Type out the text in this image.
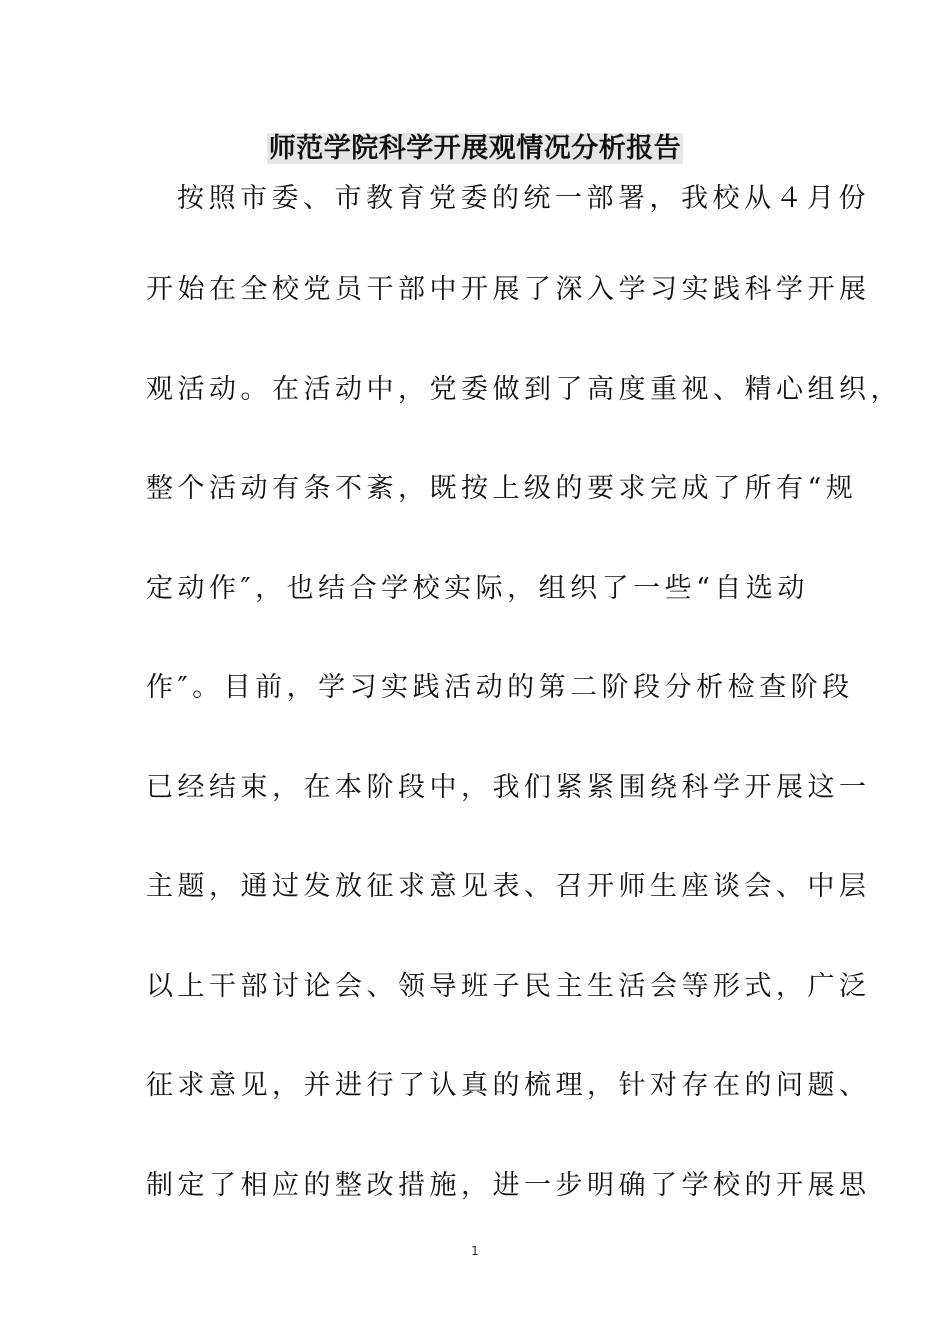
师范学院科学开展观情况分析报告
按照市委、市教育党委的统一部署，我校从４月份
开始在全校党员干部中开展了深入学习实践科学开展
观活动。在活动中，党委做到了高度重视、精心组织，
整个活动有条不紊，既按上级的要求完成了所有“规
定动作″，也结合学校实际，组织了一些“自选动
作″。目前，学习实践活动的第二阶段分析检查阶段
已经结束，在本阶段中，我们紧紧围绕科学开展这一
主题，通过发放征求意见表、召开师生座谈会、中层
以上干部讨论会、领导班子民主生活会等形式，广泛
征求意见，并进行了认真的梳理，针对存在的问题、
制定了相应的整改措施，进一步明确了学校的开展思
1
